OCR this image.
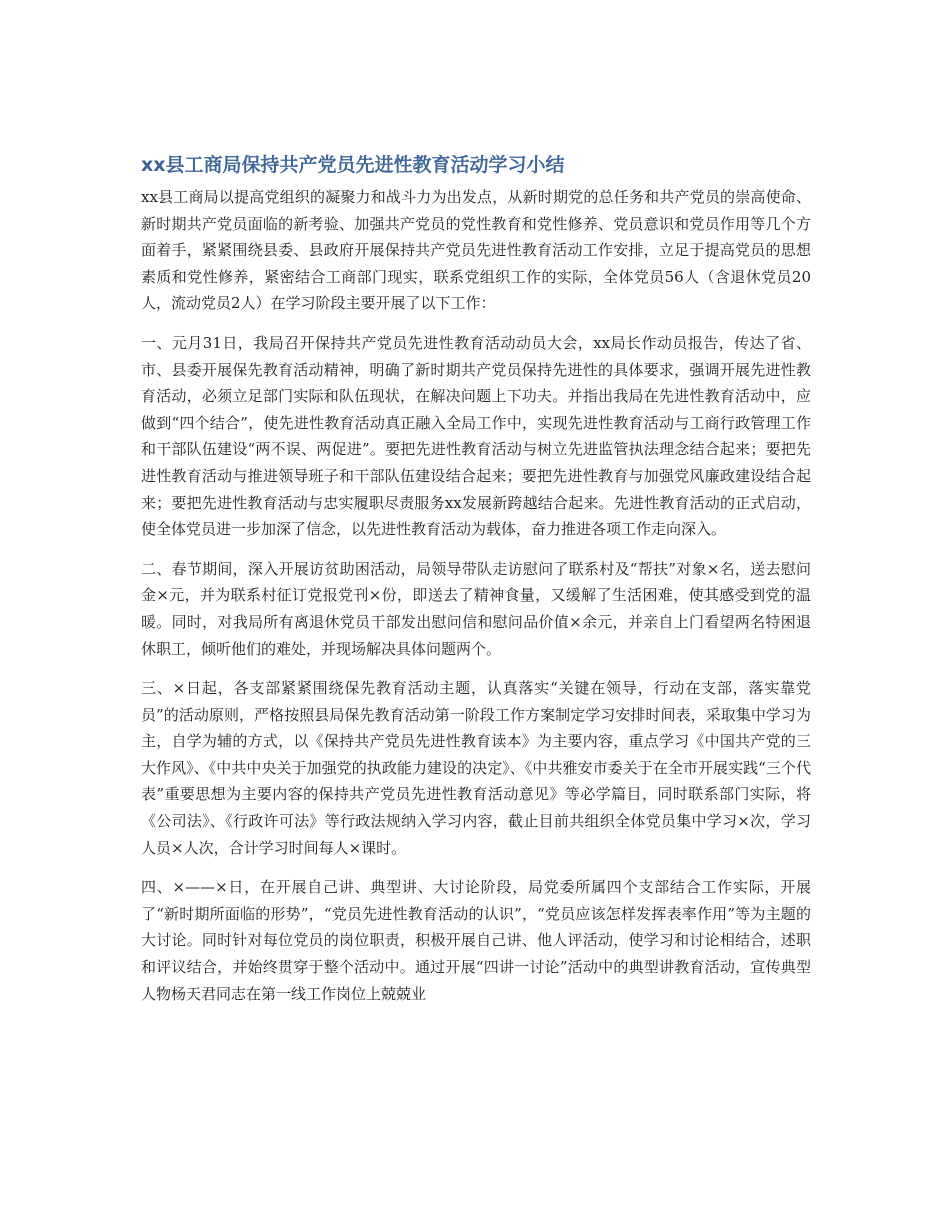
xx县工商局保持共产党员先进性教育活动学习小结

xx县工商局以提高党组织的凝聚力和战斗力为出发点，从新时期党的总任务和共产党员的崇高使命、新时期共产党员面临的新考验、加强共产党员的党性教育和党性修养、党员意识和党员作用等几个方面着手，紧紧围绕县委、县政府开展保持共产党员先进性教育活动工作安排，立足于提高党员的思想素质和党性修养，紧密结合工商部门现实，联系党组织工作的实际，全体党员56人（含退休党员20人，流动党员2人）在学习阶段主要开展了以下工作：

一、元月31日，我局召开保持共产党员先进性教育活动动员大会，xx局长作动员报告，传达了省、市、县委开展保先教育活动精神，明确了新时期共产党员保持先进性的具体要求，强调开展先进性教育活动，必须立足部门实际和队伍现状，在解决问题上下功夫。并指出我局在先进性教育活动中，应做到“四个结合”，使先进性教育活动真正融入全局工作中，实现先进性教育活动与工商行政管理工作和干部队伍建设“两不误、两促进”。要把先进性教育活动与树立先进监管执法理念结合起来；要把先进性教育活动与推进领导班子和干部队伍建设结合起来；要把先进性教育与加强党风廉政建设结合起来；要把先进性教育活动与忠实履职尽责服务xx发展新跨越结合起来。先进性教育活动的正式启动，使全体党员进一步加深了信念，以先进性教育活动为载体，奋力推进各项工作走向深入。

二、春节期间，深入开展访贫助困活动，局领导带队走访慰问了联系村及“帮扶”对象×名，送去慰问金×元，并为联系村征订党报党刊×份，即送去了精神食量，又缓解了生活困难，使其感受到党的温暖。同时，对我局所有离退休党员干部发出慰问信和慰问品价值×余元，并亲自上门看望两名特困退休职工，倾听他们的难处，并现场解决具体问题两个。

三、×日起，各支部紧紧围绕保先教育活动主题，认真落实“关键在领导，行动在支部，落实靠党员”的活动原则，严格按照县局保先教育活动第一阶段工作方案制定学习安排时间表，采取集中学习为主，自学为辅的方式，以《保持共产党员先进性教育读本》为主要内容，重点学习《中国共产党的三大作风》、《中共中央关于加强党的执政能力建设的决定》、《中共雅安市委关于在全市开展实践“三个代表”重要思想为主要内容的保持共产党员先进性教育活动意见》等必学篇目，同时联系部门实际，将《公司法》、《行政许可法》等行政法规纳入学习内容，截止目前共组织全体党员集中学习×次，学习人员×人次，合计学习时间每人×课时。

四、×——×日，在开展自己讲、典型讲、大讨论阶段，局党委所属四个支部结合工作实际，开展了“新时期所面临的形势”，“党员先进性教育活动的认识”，“党员应该怎样发挥表率作用”等为主题的大讨论。同时针对每位党员的岗位职责，积极开展自己讲、他人评活动，使学习和讨论相结合，述职和评议结合，并始终贯穿于整个活动中。通过开展“四讲一讨论”活动中的典型讲教育活动，宣传典型人物杨天君同志在第一线工作岗位上兢兢业
